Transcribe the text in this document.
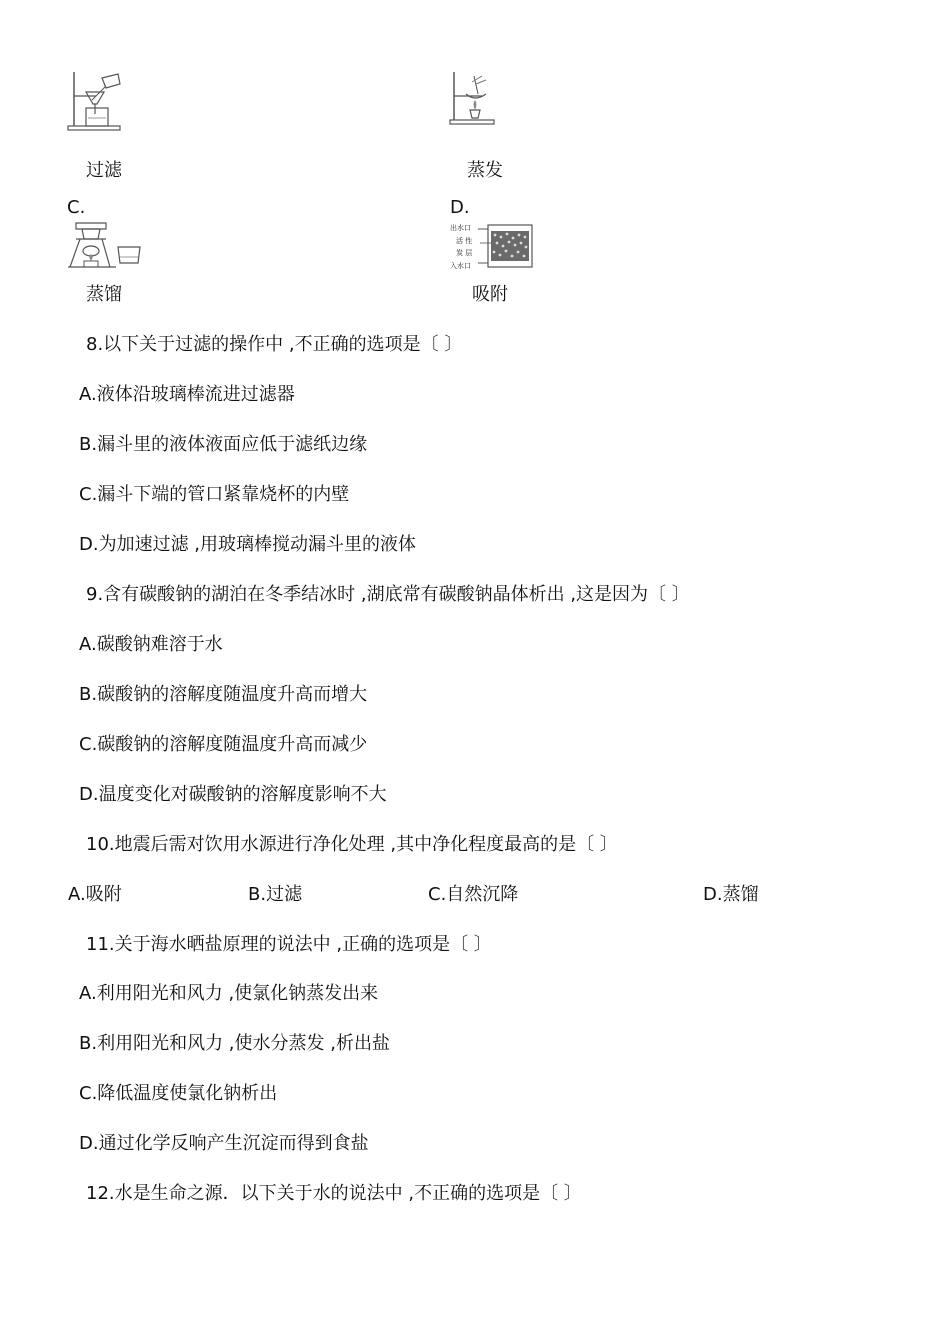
过滤	蒸发
C.	D.
出水口
活 性
炭 层
入水口
蒸馏	吸附
8.以下关于过滤的操作中 ,不正确的选项是〔 〕
A.液体沿玻璃棒流进过滤器
B.漏斗里的液体液面应低于滤纸边缘
C.漏斗下端的管口紧靠烧杯的内壁
D.为加速过滤 ,用玻璃棒搅动漏斗里的液体
9.含有碳酸钠的湖泊在冬季结冰时 ,湖底常有碳酸钠晶体析出 ,这是因为〔 〕
A.碳酸钠难溶于水
B.碳酸钠的溶解度随温度升高而增大
C.碳酸钠的溶解度随温度升高而减少
D.温度变化对碳酸钠的溶解度影响不大
10.地震后需对饮用水源进行净化处理 ,其中净化程度最高的是〔 〕
A.吸附	B.过滤	C.自然沉降	D.蒸馏
11.关于海水晒盐原理的说法中 ,正确的选项是〔 〕
A.利用阳光和风力 ,使氯化钠蒸发出来
B.利用阳光和风力 ,使水分蒸发 ,析出盐
C.降低温度使氯化钠析出
D.通过化学反响产生沉淀而得到食盐
12.水是生命之源．以下关于水的说法中 ,不正确的选项是〔 〕
